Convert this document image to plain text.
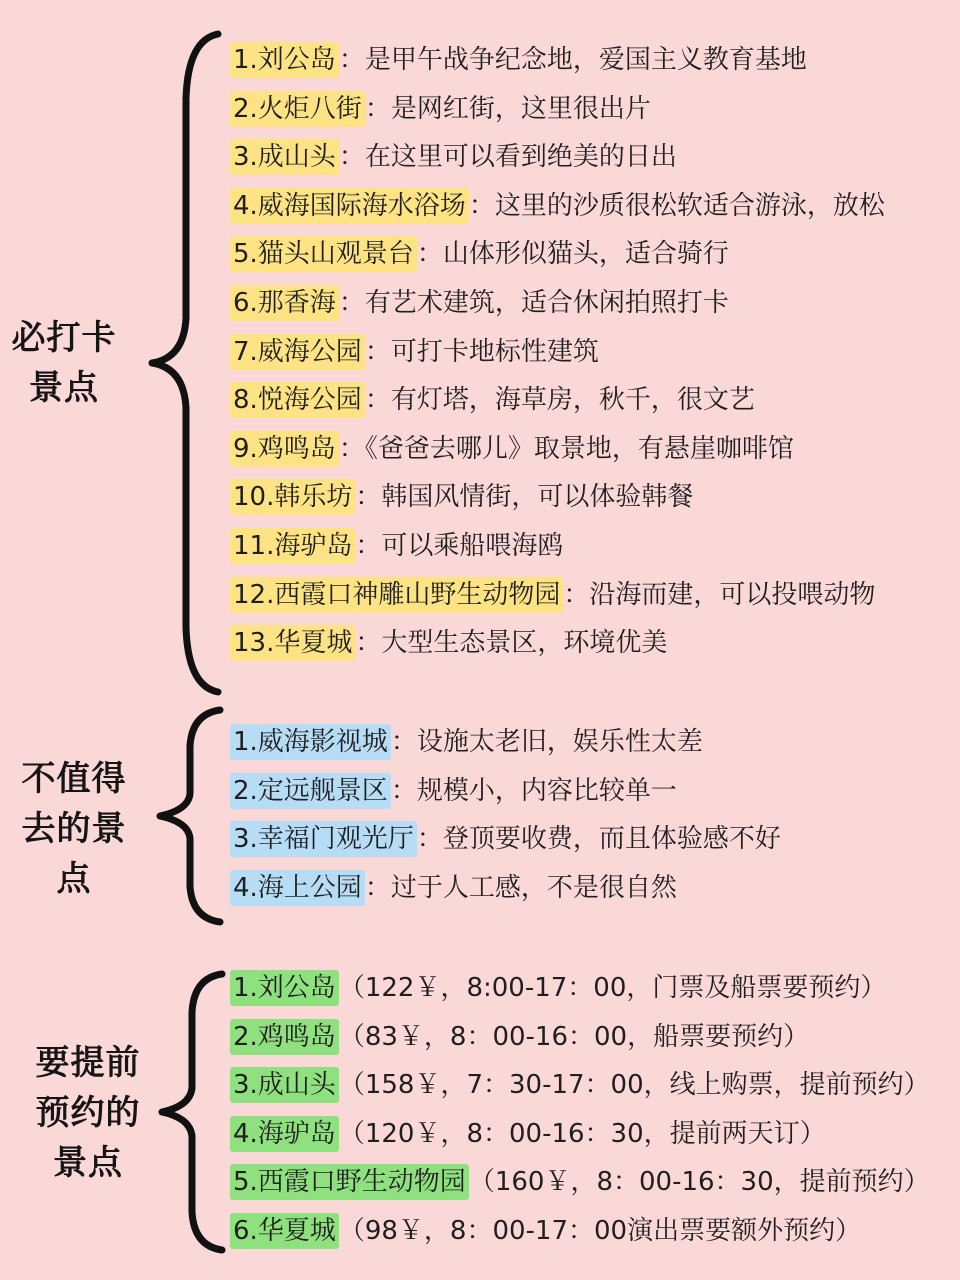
必打卡
景点
1.刘公岛 ：是甲午战争纪念地，爱国主义教育基地
2.火炬八街 ：是网红街，这里很出片
3.成山头 ：在这里可以看到绝美的日出
4.威海国际海水浴场 ：这里的沙质很松软适合游泳，放松
5.猫头山观景台 ：山体形似猫头，适合骑行
6.那香海 ：有艺术建筑，适合休闲拍照打卡
7.威海公园 ：可打卡地标性建筑
8.悦海公园 ：有灯塔，海草房，秋千，很文艺
9.鸡鸣岛 ：《爸爸去哪儿》取景地，有悬崖咖啡馆
10.韩乐坊 ：韩国风情街，可以体验韩餐
11.海驴岛 ：可以乘船喂海鸥
12.西霞口神雕山野生动物园 ：沿海而建，可以投喂动物
13.华夏城 ：大型生态景区，环境优美
不值得
去的景
点
1.威海影视城 ：设施太老旧，娱乐性太差
2.定远舰景区 ：规模小，内容比较单一
3.幸福门观光厅 ：登顶要收费，而且体验感不好
4.海上公园 ：过于人工感，不是很自然
要提前
预约的
景点
1.刘公岛 （122￥，8:00-17：00，门票及船票要预约）
2.鸡鸣岛 （83￥，8：00-16：00，船票要预约）
3.成山头 （158￥，7：30-17：00，线上购票，提前预约）
4.海驴岛 （120￥，8：00-16：30，提前两天订）
5.西霞口野生动物园 （160￥，8：00-16：30，提前预约）
6.华夏城 （98￥，8：00-17：00演出票要额外预约）
